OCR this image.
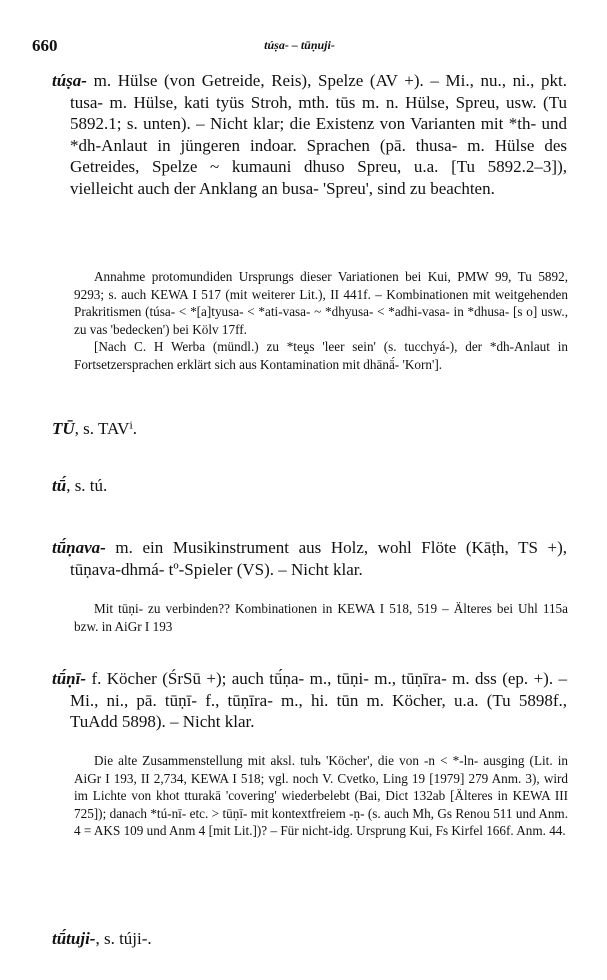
660	túṣa- – tūṇuji-
túṣa- m. Hülse (von Getreide, Reis), Spelze (AV +). – Mi., nu., ni., pkt. tusa- m. Hülse, kati tyüs Stroh, mth. tūs m. n. Hülse, Spreu, usw. (Tu 5892.1; s. unten). – Nicht klar; die Existenz von Varianten mit *th- und *dh-Anlaut in jüngeren indoar. Sprachen (pā. thusa- m. Hülse des Getreides, Spelze ~ kumauni dhuso Spreu, u.a. [Tu 5892.2–3]), vielleicht auch der Anklang an busa- 'Spreu', sind zu beachten.

Annahme protomundiden Ursprungs dieser Variationen bei Kui, PMW 99, Tu 5892, 9293; s. auch KEWA I 517 (mit weiterer Lit.), II 441f. – Kombinationen mit weitgehenden Prakritismen (túsa- < *[a]tyusa- < *ati-vasa- ~ *dhyusa- < *adhi-vasa- in *dhusa- [s o] usw., zu vas 'bedecken') bei Kölv 17ff.

[Nach C. H Werba (mündl.) zu *teṷs 'leer sein' (s. tucchyá-), der *dh-Anlaut in Fortsetzersprachen erklärt sich aus Kontamination mit dhānā́- 'Korn'].

TŪ, s. TAVⁱ.
tū́, s. tú.
tū́ṇava- m. ein Musikinstrument aus Holz, wohl Flöte (Kāṭh, TS +), tūṇava-dhmá- tº-Spieler (VS). – Nicht klar.

Mit tūṇi- zu verbinden?? Kombinationen in KEWA I 518, 519 – Älteres bei Uhl 115a bzw. in AiGr I 193

tū́ṇī- f. Köcher (ŚrSū +); auch tū́ṇa- m., tūṇi- m., tūṇīra- m. dss (ep. +). – Mi., ni., pā. tūṇī- f., tūṇīra- m., hi. tūn m. Köcher, u.a. (Tu 5898f., TuAdd 5898). – Nicht klar.

Die alte Zusammenstellung mit aksl. tulъ 'Köcher', die von -n < *-ln- ausging (Lit. in AiGr I 193, II 2,734, KEWA I 518; vgl. noch V. Cvetko, Ling 19 [1979] 279 Anm. 3), wird im Lichte von khot tturakā 'covering' wiederbelebt (Bai, Dict 132ab [Älteres in KEWA III 725]); danach *tú-nī- etc. > tūṇī- mit kontextfreiem -ṇ- (s. auch Mh, Gs Renou 511 und Anm. 4 = AKS 109 und Anm 4 [mit Lit.])? – Für nicht-idg. Ursprung Kui, Fs Kirfel 166f. Anm. 44.

tū́tuji-, s. tújі-.
